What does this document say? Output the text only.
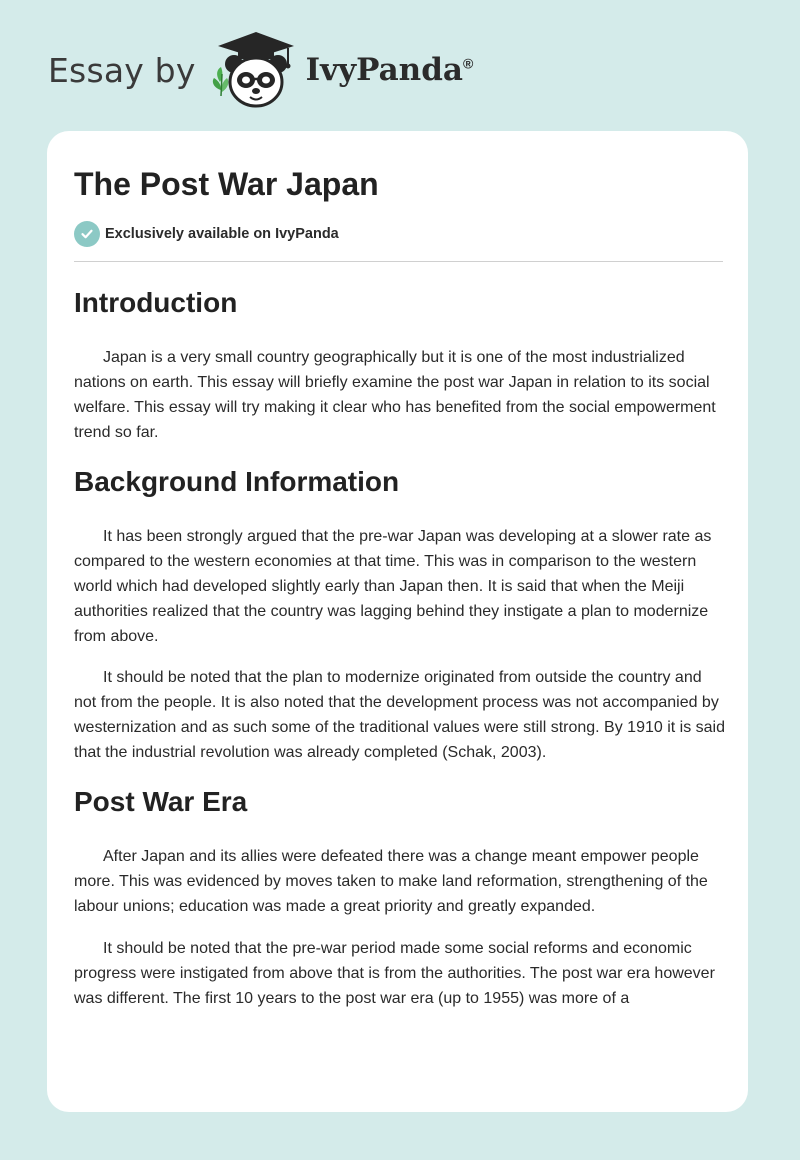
Essay by	IvyPanda®
The Post War Japan
Exclusively available on IvyPanda
Introduction

Japan is a very small country geographically but it is one of the most industrialized nations on earth. This essay will briefly examine the post war Japan in relation to its social welfare. This essay will try making it clear who has benefited from the social empowerment trend so far.

Background Information

It has been strongly argued that the pre-war Japan was developing at a slower rate as compared to the western economies at that time. This was in comparison to the western world which had developed slightly early than Japan then. It is said that when the Meiji authorities realized that the country was lagging behind they instigate a plan to modernize from above.

It should be noted that the plan to modernize originated from outside the country and not from the people. It is also noted that the development process was not accompanied by westernization and as such some of the traditional values were still strong. By 1910 it is said that the industrial revolution was already completed (Schak, 2003).

Post War Era

After Japan and its allies were defeated there was a change meant empower people more. This was evidenced by moves taken to make land reformation, strengthening of the labour unions; education was made a great priority and greatly expanded.

It should be noted that the pre-war period made some social reforms and economic progress were instigated from above that is from the authorities. The post war era however was different. The first 10 years to the post war era (up to 1955) was more of a
